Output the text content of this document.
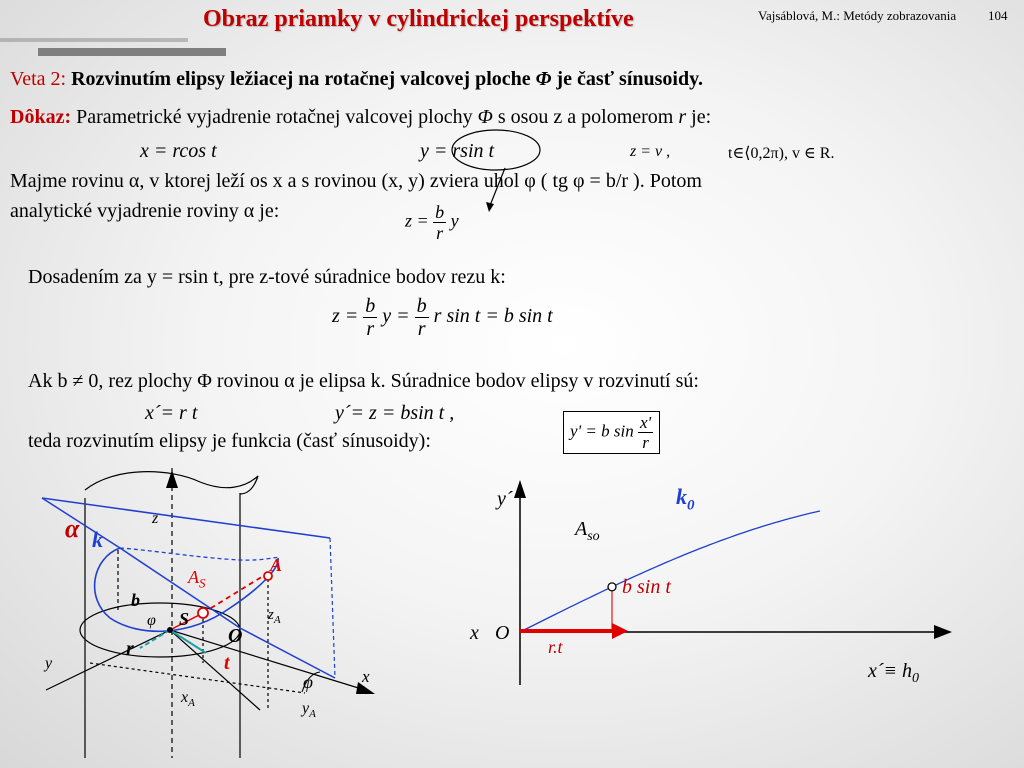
Obraz priamky v cylindrickej perspektíve	Vajsáblová, M.: Metódy zobrazovania 104
Veta 2: Rozvinutím elipsy ležiacej na rotačnej valcovej ploche Φ je časť sínusoidy.
Dôkaz: Parametrické vyjadrenie rotačnej valcovej plochy Φ s osou z a polomerom r je:
x = rcos t	y = rsin t	z = v ,	t∈⟨0,2π), v ∈ R.
Majme rovinu α, v ktorej leží os x a s rovinou (x, y) zviera uhol φ ( tg φ = b/r ). Potom
analytické vyjadrenie roviny α je:	$z = \frac{b}{r}$ y
Dosadením za y = rsin t, pre z-tové súradnice bodov rezu k:
$z = \frac{b}{r}$ $y = \frac{b}{r}$ r sin t = b sin t
Ak b ≠ 0, rez plochy Φ rovinou α je elipsa k. Súradnice bodov elipsy v rozvinutí sú:
x´= r t	y´= z = bsin t ,
teda rozvinutím elipsy je funkcia (časť sínusoidy):	y' = b $\sin \frac{x'}{r}$
α k
z
A
$A_S$
b
S
φ
r
O
$z_A$
t
y
x
φ
$x_A$	$y_A$
y´	$k_0$
$A_{so}$
b sin t
x O
r.t
x´≡ $h_0$
